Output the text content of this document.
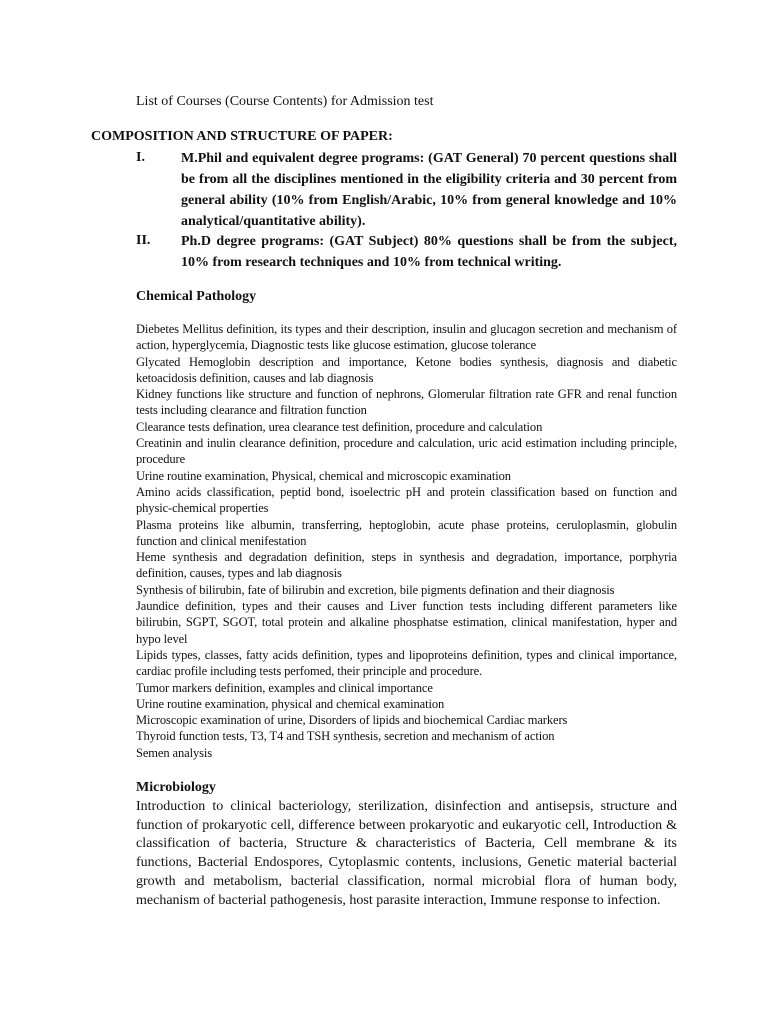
List of Courses (Course Contents) for Admission test
COMPOSITION AND STRUCTURE OF PAPER:
I.	M.Phil and equivalent degree programs: (GAT General) 70 percent questions shall be from all the disciplines mentioned in the eligibility criteria and 30 percent from general ability (10% from English/Arabic, 10% from general knowledge and 10% analytical/quantitative ability).
II. Ph.D degree programs: (GAT Subject) 80% questions shall be from the subject, 10% from research techniques and 10% from technical writing.
Chemical Pathology
Diebetes Mellitus definition, its types and their description, insulin and glucagon secretion and mechanism of action, hyperglycemia, Diagnostic tests like glucose estimation, glucose tolerance
Glycated Hemoglobin description and importance, Ketone bodies synthesis, diagnosis and diabetic ketoacidosis definition, causes and lab diagnosis
Kidney functions like structure and function of nephrons, Glomerular filtration rate GFR and renal function tests including clearance and filtration function
Clearance tests defination, urea clearance test definition, procedure and calculation
Creatinin and inulin clearance definition, procedure and calculation, uric acid estimation including principle, procedure
Urine routine examination, Physical, chemical and microscopic examination
Amino acids classification, peptid bond, isoelectric pH and protein classification based on function and physic-chemical properties
Plasma proteins like albumin, transferring, heptoglobin, acute phase proteins, ceruloplasmin, globulin function and clinical menifestation
Heme synthesis and degradation definition, steps in synthesis and degradation, importance, porphyria definition, causes, types and lab diagnosis
Synthesis of bilirubin, fate of bilirubin and excretion, bile pigments defination and their diagnosis
Jaundice definition, types and their causes and Liver function tests including different parameters like bilirubin, SGPT, SGOT, total protein and alkaline phosphatse estimation, clinical manifestation, hyper and hypo level
Lipids types, classes, fatty acids definition, types and lipoproteins definition, types and clinical importance, cardiac profile including tests perfomed, their principle and procedure.
Tumor markers definition, examples and clinical importance
Urine routine examination, physical and chemical examination
Microscopic examination of urine, Disorders of lipids and biochemical Cardiac markers
Thyroid function tests, T3, T4 and TSH synthesis, secretion and mechanism of action
Semen analysis
Microbiology
Introduction to clinical bacteriology, sterilization, disinfection and antisepsis, structure and function of prokaryotic cell, difference between prokaryotic and eukaryotic cell, Introduction & classification of bacteria, Structure & characteristics of Bacteria, Cell membrane & its functions, Bacterial Endospores, Cytoplasmic contents, inclusions, Genetic material bacterial growth and metabolism, bacterial classification, normal microbial flora of human body, mechanism of bacterial pathogenesis, host parasite interaction, Immune response to infection.
